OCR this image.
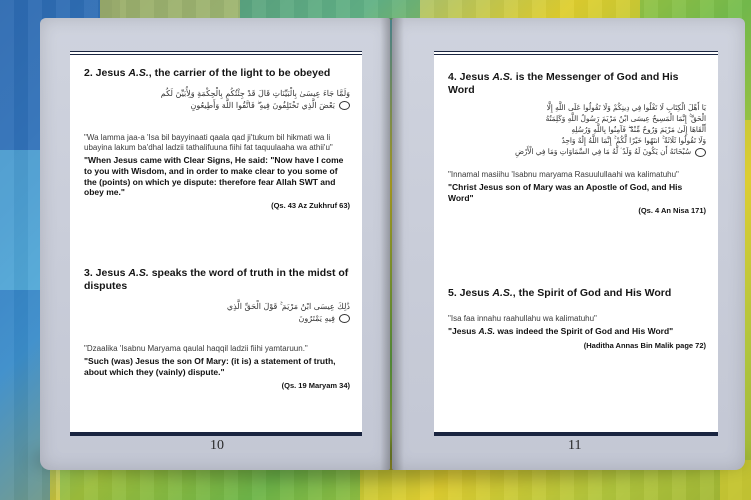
2. Jesus A.S., the carrier of the light to be obeyed
وَلَمَّا جَاءَ عِيسَىٰ بِالْبَيِّنَاتِ قَالَ قَدْ جِئْتُكُم بِالْحِكْمَةِ وَلِأُبَيِّنَ لَكُم
بَعْضَ الَّذِي تَخْتَلِفُونَ فِيهِ ۖ فَاتَّقُوا اللَّهَ وَأَطِيعُونِ

"Wa lamma jaa-a 'Isa bil bayyinaati qaala qad ji'tukum bil hikmati wa li ubayina lakum ba'dhal ladzii tathalifuuna fiihi fat taquulaaha wa athii'u"

"When Jesus came with Clear Signs, He said: "Now have I come to you with Wisdom, and in order to make clear to you some of the (points) on which ye dispute: therefore fear Allah SWT and obey me."

(Qs. 43 Az Zukhruf 63)

3. Jesus A.S. speaks the word of truth in the midst of disputes
ذَٰلِكَ عِيسَى ابْنُ مَرْيَمَ ۚ قَوْلَ الْحَقِّ الَّذِي
فِيهِ يَمْتَرُونَ

"Dzaalika 'Isabnu Maryama qaulal haqqil ladzii fiihi yamtaruun."

"Such (was) Jesus the son Of Mary: (it is) a statement of truth, about which they (vainly) dispute."

(Qs. 19 Maryam 34)

10
4. Jesus A.S. is the Messenger of God and His Word
يَا أَهْلَ الْكِتَابِ لَا تَغْلُوا فِي دِينِكُمْ وَلَا تَقُولُوا عَلَى اللَّهِ إِلَّا
الْحَقَّ ۚ إِنَّمَا الْمَسِيحُ عِيسَى ابْنُ مَرْيَمَ رَسُولُ اللَّهِ وَكَلِمَتُهُ
أَلْقَاهَا إِلَىٰ مَرْيَمَ وَرُوحٌ مِّنْهُ ۖ فَآمِنُوا بِاللَّهِ وَرُسُلِهِ
وَلَا تَقُولُوا ثَلَاثَةٌ ۚ انتَهُوا خَيْرًا لَّكُمْ ۚ إِنَّمَا اللَّهُ إِلَٰهٌ وَاحِدٌ
سُبْحَانَهُ أَن يَكُونَ لَهُ وَلَدٌ ۘ لَّهُ مَا فِي السَّمَاوَاتِ وَمَا فِي الْأَرْضِ

"Innamal masiihu 'Isabnu maryama Rasuulullaahi wa kalimatuhu"

"Christ Jesus son of Mary was an Apostle of God, and His Word"

(Qs. 4 An Nisa 171)

5. Jesus A.S., the Spirit of God and His Word

"Isa faa innahu raahullahu wa kalimatuhu"

"Jesus A.S. was indeed the Spirit of God and His Word"

(Haditha Annas Bin Malik page 72)

11
